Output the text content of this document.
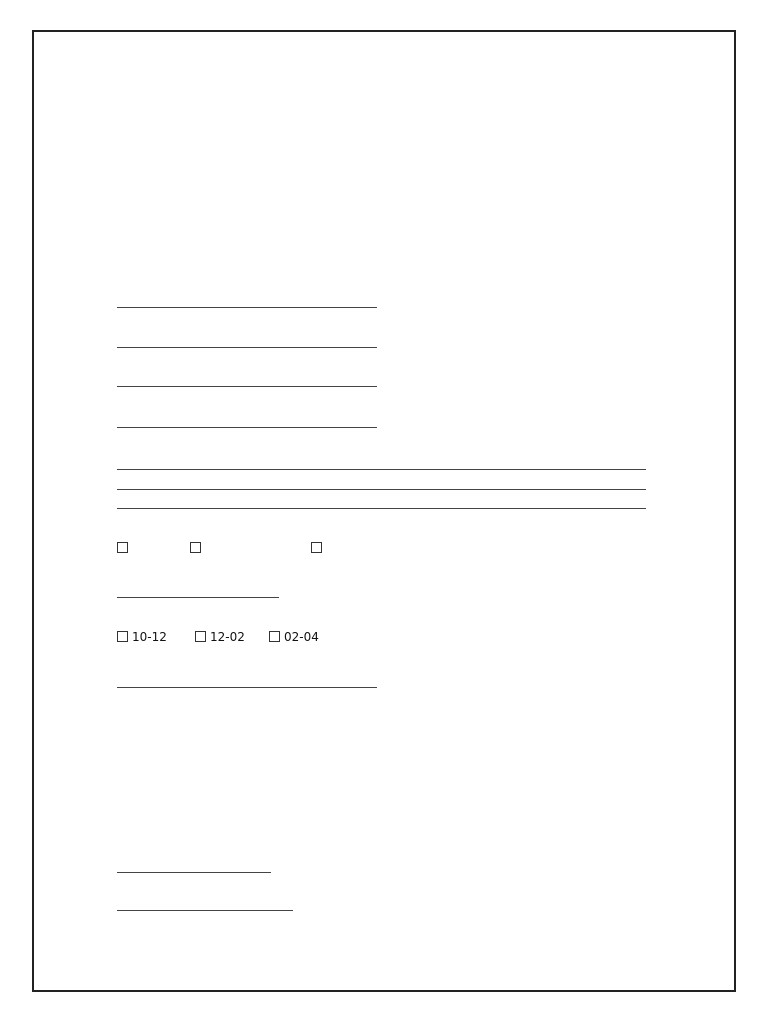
10-12	12-02	02-04
